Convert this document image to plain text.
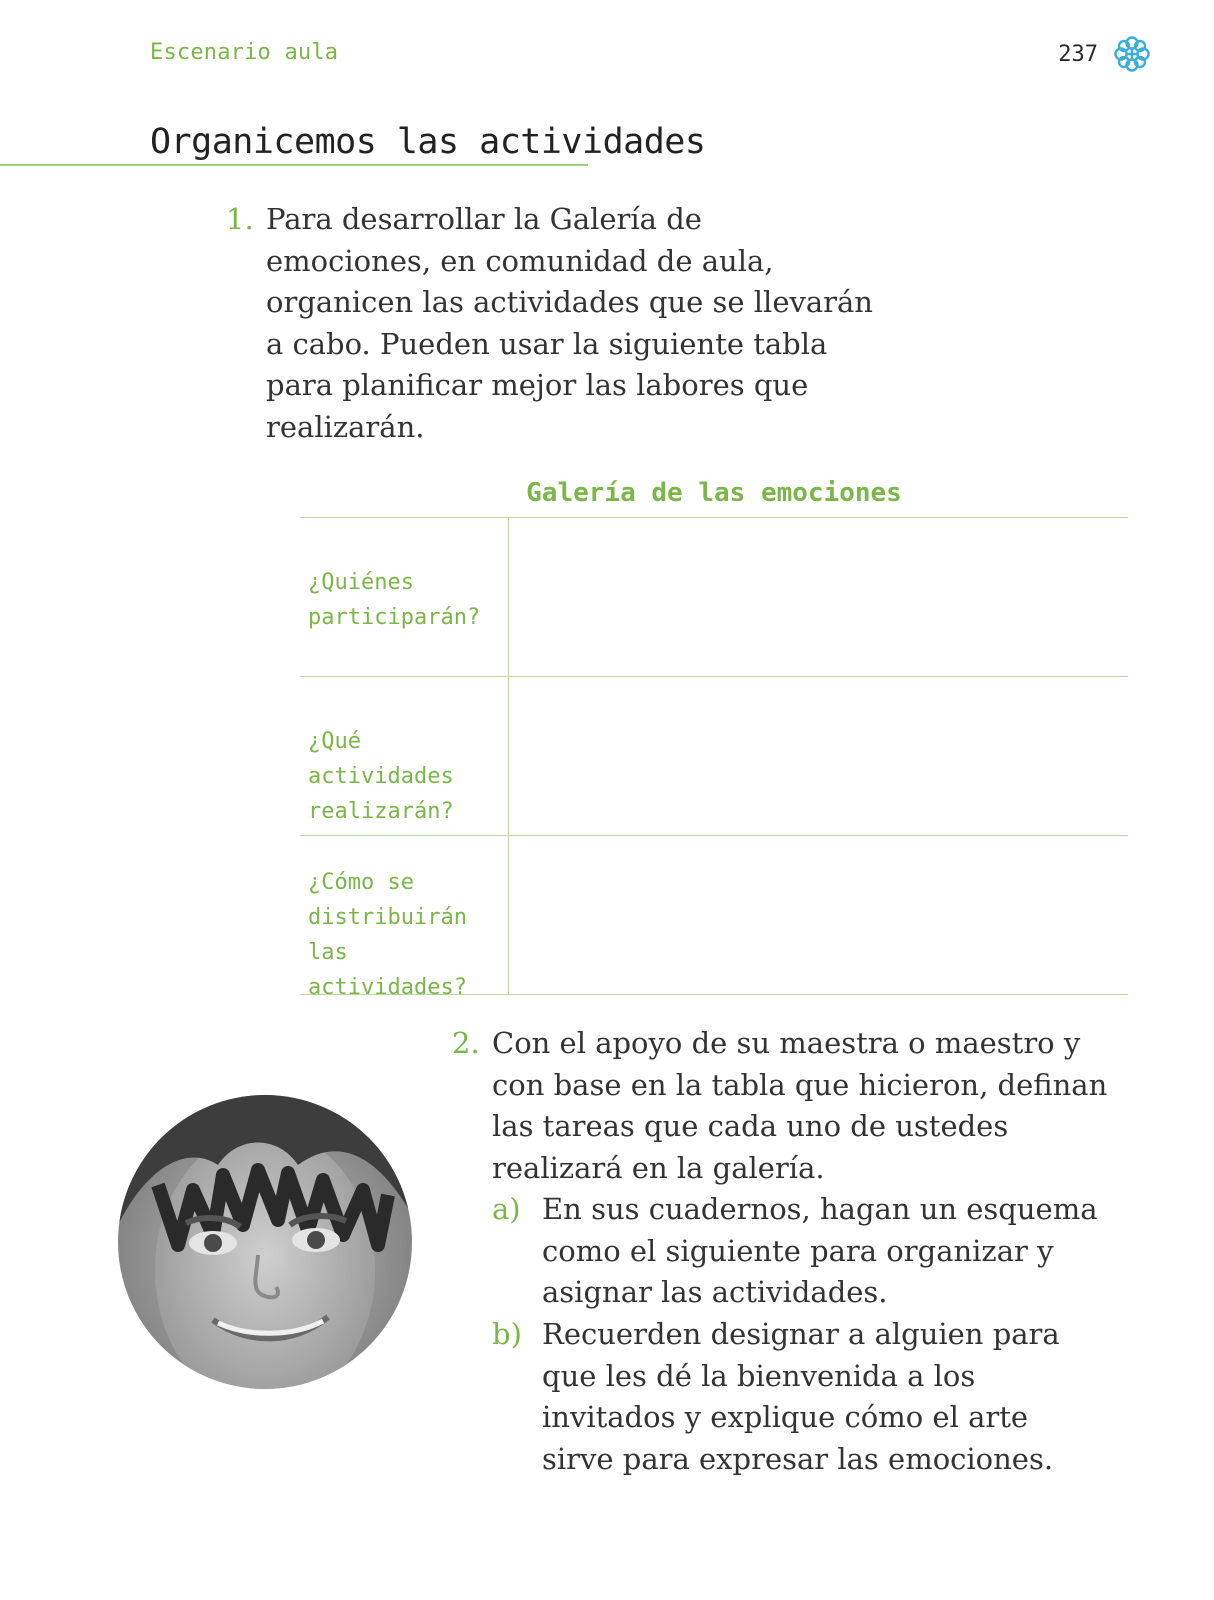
Escenario aula	237
Organicemos las actividades
1. Para desarrollar la Galería de emociones, en comunidad de aula, organicen las actividades que se llevarán a cabo. Pueden usar la siguiente tabla para planificar mejor las labores que realizarán.
Galería de las emociones
¿Quiénes participarán?
¿Qué actividades realizarán?
¿Cómo se distribuirán las actividades?
2. Con el apoyo de su maestra o maestro y con base en la tabla que hicieron, definan las tareas que cada uno de ustedes realizará en la galería.
a) En sus cuadernos, hagan un esquema como el siguiente para organizar y asignar las actividades.
b) Recuerden designar a alguien para que les dé la bienvenida a los invitados y explique cómo el arte sirve para expresar las emociones.
